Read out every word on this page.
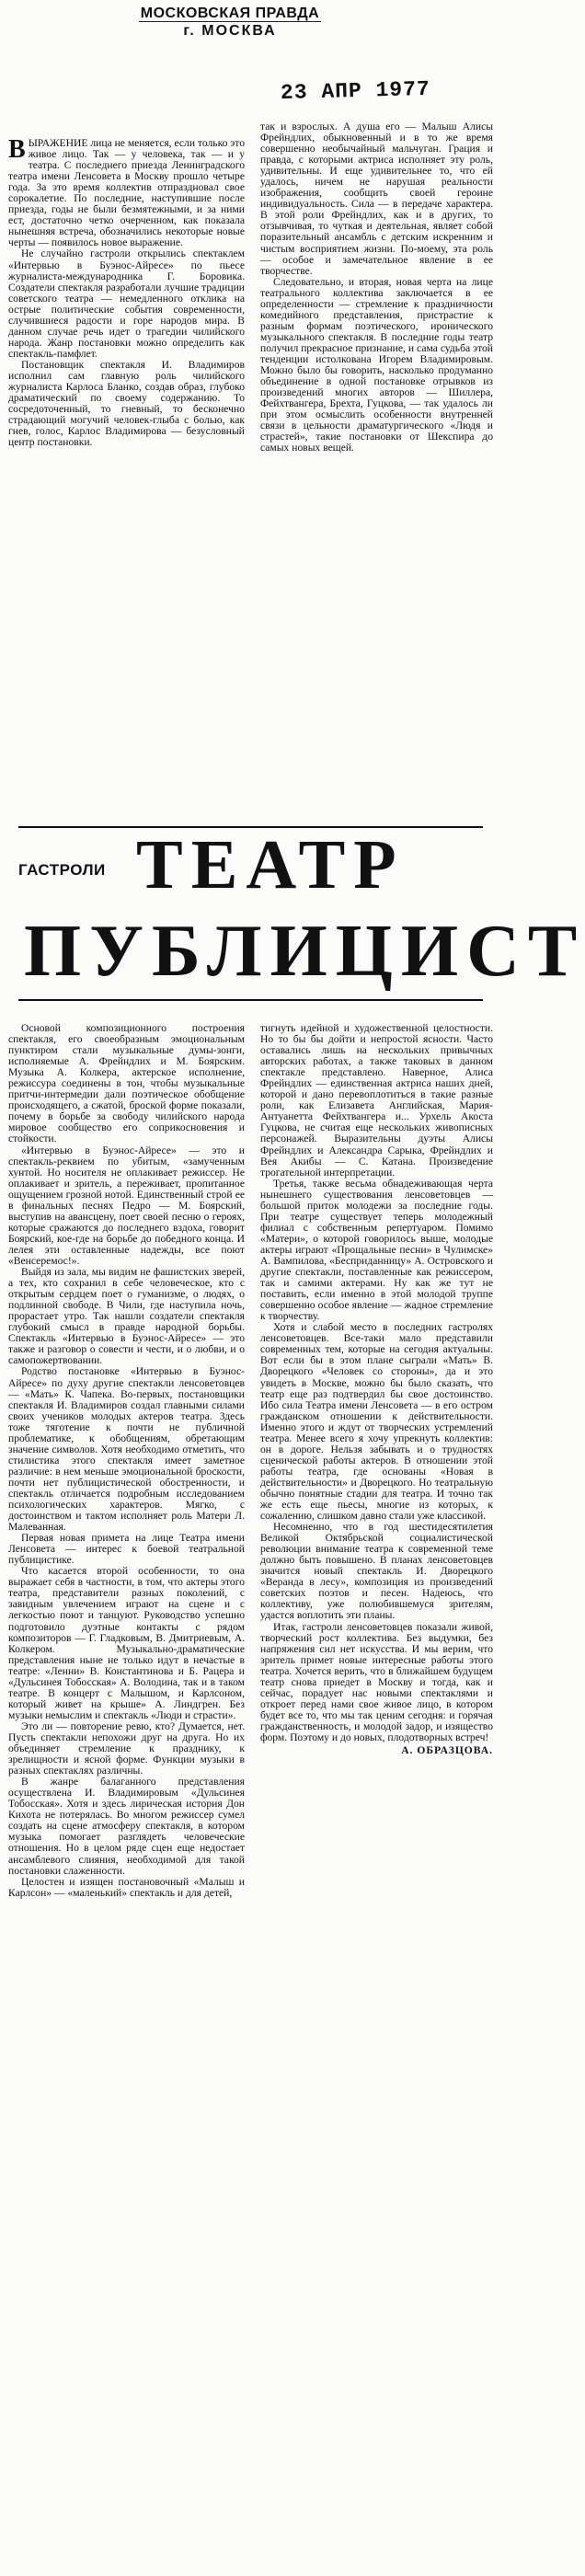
МОСКОВСКАЯ ПРАВДА
г. МОСКВА
23 АПР 1977

ВЫРАЖЕНИЕ лица не меняется, если только это живое лицо. Так — у человека, так — и у театра. С последнего приезда Ленинградского театра имени Ленсовета в Москву прошло четыре года. За это время коллектив отпраздновал свое сорокалетие. По последние, наступившие после приезда, годы не были безмятежными, и за ними ест, достаточно четко очерченном, как показала нынешняя встреча, обозначились некоторые новые черты — появилось новое выражение.

Не случайно гастроли открылись спектаклем «Интервью в Буэнос-Айресе» по пьесе журналиста-международника Г. Боровика. Создатели спектакля разработали лучшие традиции советского театра — немедленного отклика на острые политические события современности, случившиеся радости и горе народов мира. В данном случае речь идет о трагедии чилийского народа. Жанр постановки можно определить как спектакль-памфлет.

Постановщик спектакля И. Владимиров исполнил сам главную роль чилийского журналиста Карлоса Бланко, создав образ, глубоко драматический по своему содержанию. То сосредоточенный, то гневный, то бесконечно страдающий могучий человек-глыба с болью, как гнев, голос, Карлос Владимирова — безусловный центр постановки.

так и взрослых. А душа его — Малыш Алисы Фрейндлих, обыкновенный и в то же время совершенно необычайный мальчуган. Грация и правда, с которыми актриса исполняет эту роль, удивительны. И еще удивительнее то, что ей удалось, ничем не нарушая реальности изображения, сообщить своей героине индивидуальность. Сила — в передаче характера. В этой роли Фрейндлих, как и в других, то отзывчивая, то чуткая и деятельная, являет собой поразительный ансамбль с детским искренним и чистым восприятием жизни. По-моему, эта роль — особое и замечательное явление в ее творчестве.

Следовательно, и вторая, новая черта на лице театрального коллектива заключается в ее определенности — стремление к праздничности комедийного представления, пристрастие к разным формам поэтического, иронического музыкального спектакля. В последние годы театр получил прекрасное признание, и сама судьба этой тенденции истолкована Игорем Владимировым. Можно было бы говорить, насколько продуманно объединение в одной постановке отрывков из произведений многих авторов — Шиллера, Фейхтвангера, Брехта, Гуцкова, — так удалось ли при этом осмыслить особенности внутренней связи в цельности драматургического «Людя и страстей», такие постановки от Шекспира до самых новых вещей.

ГАСТРОЛИ ТЕАТР
ПУБЛИЦИСТ

Основой композиционного построения спектакля, его своеобразным эмоциональным пунктиром стали музыкальные думы-зонги, исполняемые А. Фрейндлих и М. Боярским. Музыка А. Колкера, актерское исполнение, режиссура соединены в тон, чтобы музыкальные притчи-интермедии дали поэтическое обобщение происходящего, а сжатой, броской форме показали, почему в борьбе за свободу чилийского народа мировое сообщество его соприкосновения и стойкости.

«Интервью в Буэнос-Айресе» — это и спектакль-реквием по убитым, «замученным хунтой. Но носителя не оплакивает режиссер. Не оплакивает и зритель, а переживает, пропитанное ощущением грозной нотой. Единственный строй ее в финальных песнях Педро — М. Боярский, выступив на авансцену, поет своей песню о героях, которые сражаются до последнего вздоха, говорит Боярский, кое-где на борьбе до победного конца. И лелея эти оставленные надежды, все поют «Венсеремос!».

Выйдя из зала, мы видим не фашистских зверей, а тех, кто сохранил в себе человеческое, кто с открытым сердцем поет о гуманизме, о людях, о подлинной свободе. В Чили, где наступила ночь, прорастает утро. Так нашли создатели спектакля глубокий смысл в правде народной борьбы. Спектакль «Интервью в Буэнос-Айресе» — это также и разговор о совести и чести, и о любви, и о самопожертвовании.

Родство постановке «Интервью в Буэнос-Айресе» по духу другие спектакли ленсоветовцев — «Мать» К. Чапека. Во-первых, постановщики спектакля И. Владимиров создал главными силами своих учеников молодых актеров театра. Здесь тоже тяготение к почти не публичной проблематике, к обобщениям, обретающим значение символов. Хотя необходимо отметить, что стилистика этого спектакля имеет заметное различие: в нем меньше эмоциональной броскости, почти нет публицистической обостренности, и спектакль отличается подробным исследованием психологических характеров. Мягко, с достоинством и тактом исполняет роль Матери Л. Малеванная.

Первая новая примета на лице Театра имени Ленсовета — интерес к боевой театральной публицистике.

Что касается второй особенности, то она выражает себя в частности, в том, что актеры этого театра, представители разных поколений, с завидным увлечением играют на сцене и с легкостью поют и танцуют. Руководство успешно подготовило дуэтные контакты с рядом композиторов — Г. Гладковым, В. Дмитриевым, А. Колкером. Музыкально-драматические представления ныне не только идут в нечастые в театре: «Ленни» В. Константинова и Б. Рацера и «Дульсинея Тобосская» А. Володина, так и в таком театре. В концерт с Малышом, и Карлсоном, который живет на крыше» А. Линдгрен. Без музыки немыслим и спектакль «Люди и страсти».

Это ли — повторение ревю, кто? Думается, нет. Пусть спектакли непохожи друг на друга. Но их объединяет стремление к празднику, к зрелищности и ясной форме. Функции музыки в разных спектаклях различны.

В жанре балаганного представления осуществлена И. Владимировым «Дульсинея Тобосская». Хотя и здесь лирическая история Дон Кихота не потерялась. Во многом режиссер сумел создать на сцене атмосферу спектакля, в котором музыка помогает разглядеть человеческие отношения. Но в целом ряде сцен еще недостает ансамблевого слияния, необходимой для такой постановки слаженности.

Целостен и изящен постановочный «Малыш и Карлсон» — «маленький» спектакль и для детей,

тигнуть идейной и художественной целостности. Но то бы бы дойти и непростой ясности. Часто оставались лишь на нескольких привычных авторских работах, а также таковых в данном спектакле представлено. Наверное, Алиса Фрейндлих — единственная актриса наших дней, которой и дано перевоплотиться в такие разные роли, как Елизавета Английская, Мария-Антуанетта Фейхтвангера и... Урхель Акоста Гуцкова, не считая еще нескольких живописных персонажей. Выразительны дуэты Алисы Фрейндлих и Александра Сарыка, Фрейндлих и Вея Акибы — С. Катана. Произведение трогательной интерпретации.

Третья, также весьма обнадеживающая черта нынешнего существования ленсоветовцев — большой приток молодежи за последние годы. При театре существует теперь молодежный филиал с собственным репертуаром. Помимо «Матери», о которой говорилось выше, молодые актеры играют «Прощальные песни» в Чулимске» А. Вампилова, «Бесприданницу» А. Островского и другие спектакли, поставленные как режиссером, так и самими актерами. Ну как же тут не поставить, если именно в этой молодой труппе совершенно особое явление — жадное стремление к творчеству.

Хотя и слабой место в последних гастролях ленсоветовцев. Все-таки мало представили современных тем, которые на сегодня актуальны. Вот если бы в этом плане сыграли «Мать» В. Дворецкого «Человек со стороны», да и это увидеть в Москве, можно бы было сказать, что театр еще раз подтвердил бы свое достоинство. Ибо сила Театра имени Ленсовета — в его остром гражданском отношении к действительности. Именно этого и ждут от творческих устремлений театра. Менее всего я хочу упрекнуть коллектив: он в дороге. Нельзя забывать и о трудностях сценической работы актеров. В отношении этой работы театра, где основаны «Новая в действительности» и Дворецкого. Но театральную обычно понятные стадии для театра. И точно так же есть еще пьесы, многие из которых, к сожалению, слишком давно стали уже классикой.

Несомненно, что в год шестидесятилетия Великой Октябрьской социалистической революции внимание театра к современной теме должно быть повышено. В планах ленсоветовцев значится новый спектакль И. Дворецкого «Веранда в лесу», композиция из произведений советских поэтов и песен. Надеюсь, что коллективу, уже полюбившемуся зрителям, удастся воплотить эти планы.

Итак, гастроли ленсоветовцев показали живой, творческий рост коллектива. Без выдумки, без напряжения сил нет искусства. И мы верим, что зритель примет новые интересные работы этого театра. Хочется верить, что в ближайшем будущем театр снова приедет в Москву и тогда, как и сейчас, порадует нас новыми спектаклями и откроет перед нами свое живое лицо, в котором будет все то, что мы так ценим сегодня: и горячая гражданственность, и молодой задор, и изящество форм. Поэтому и до новых, плодотворных встреч!

А. ОБРАЗЦОВА.
